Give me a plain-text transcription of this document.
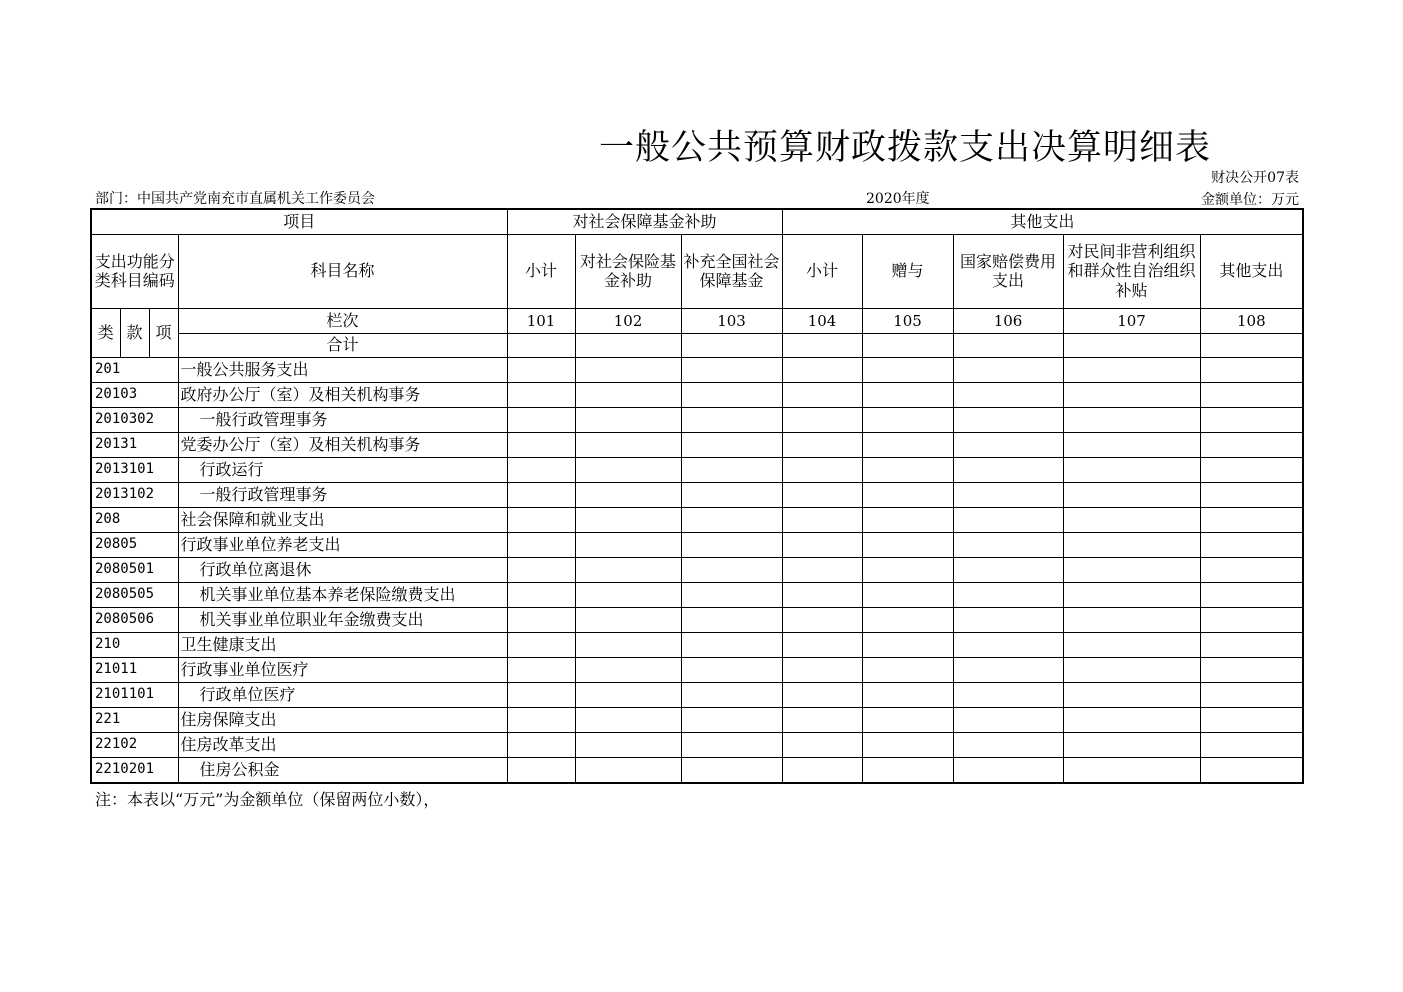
一般公共预算财政拨款支出决算明细表
财决公开07表
部门：中国共产党南充市直属机关工作委员会	2020年度	金额单位：万元
项目				对社会保障基金补助			其他支出				
支出功能分类科目编码			科目名称	小计	对社会保险基金补助	补充全国社会保障基金	小计	赠与	国家赔偿费用支出	对民间非营利组织和群众性自治组织补贴	其他支出
类	款	项	栏次	101	102	103	104	105	106	107	108
			合计								
201			一般公共服务支出								
20103			政府办公厅（室）及相关机构事务								
2010302			一般行政管理事务								
20131			党委办公厅（室）及相关机构事务								
2013101			行政运行								
2013102			一般行政管理事务								
208			社会保障和就业支出								
20805			行政事业单位养老支出								
2080501			行政单位离退休								
2080505			机关事业单位基本养老保险缴费支出								
2080506			机关事业单位职业年金缴费支出								
210			卫生健康支出								
21011			行政事业单位医疗								
2101101			行政单位医疗								
221			住房保障支出								
22102			住房改革支出								
2210201			住房公积金								
注：本表以“万元”为金额单位（保留两位小数），
